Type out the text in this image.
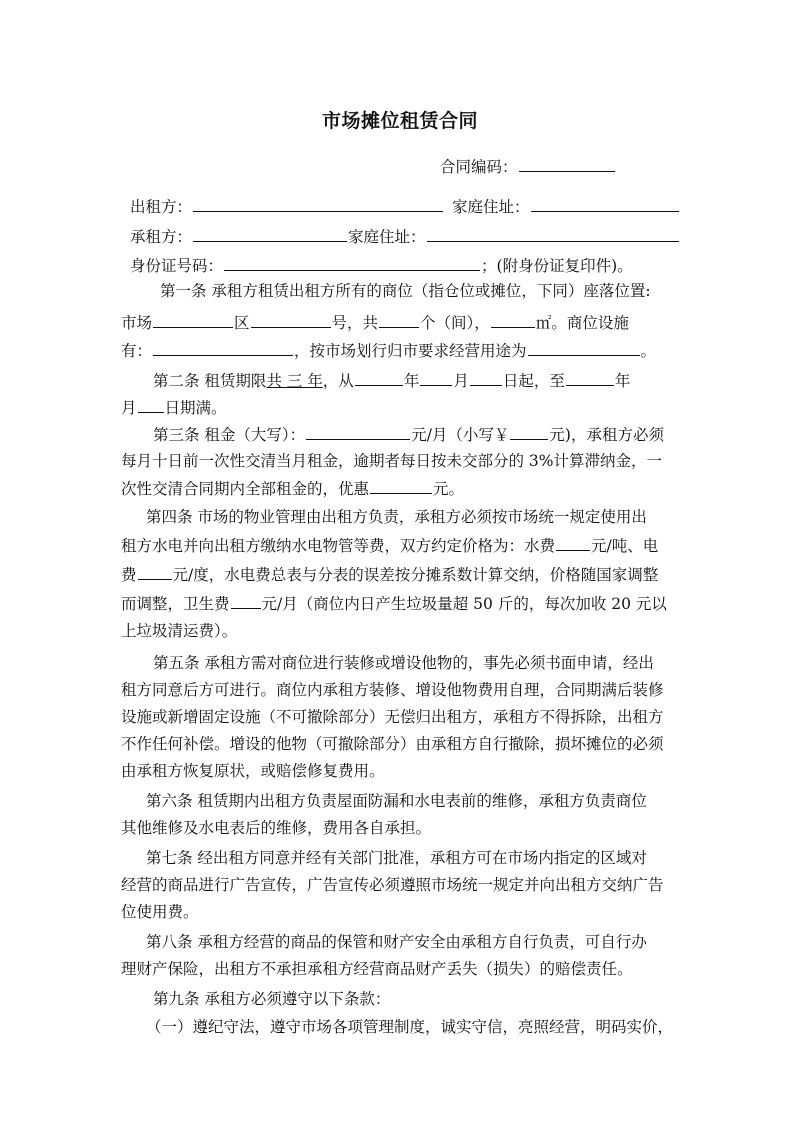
市场摊位租赁合同
合同编码：
出租方：	家庭住址：
承租方：	家庭住址：
身份证号码：	；(附身份证复印件)。
第一条 承租方租赁出租方所有的商位（指仓位或摊位，下同）座落位置:
市场	区	号，共	个（间），	㎡。商位设施
有：	，按市场划行归市要求经营用途为	。
第二条 租赁期限共 三 年，从	年 月 日起，至	年
月 日期满。
第三条 租金（大写）：	元/月（小写￥	元)，承租方必须
每月十日前一次性交清当月租金，逾期者每日按未交部分的 3%计算滞纳金，一
次性交清合同期内全部租金的，优惠	元。
第四条 市场的物业管理由出租方负责，承租方必须按市场统一规定使用出
租方水电并向出租方缴纳水电物管等费，双方约定价格为：水费 元/吨、电
费 元/度，水电费总表与分表的误差按分摊系数计算交纳，价格随国家调整
而调整，卫生费 元/月（商位内日产生垃圾量超 50 斤的，每次加收 20 元以
上垃圾清运费）。
第五条 承租方需对商位进行装修或增设他物的，事先必须书面申请，经出
租方同意后方可进行。商位内承租方装修、增设他物费用自理，合同期满后装修
设施或新增固定设施（不可撤除部分）无偿归出租方，承租方不得拆除，出租方
不作任何补偿。增设的他物（可撤除部分）由承租方自行撤除，损坏摊位的必须
由承租方恢复原状，或赔偿修复费用。
第六条 租赁期内出租方负责屋面防漏和水电表前的维修，承租方负责商位
其他维修及水电表后的维修，费用各自承担。
第七条 经出租方同意并经有关部门批准，承租方可在市场内指定的区域对
经营的商品进行广告宣传，广告宣传必须遵照市场统一规定并向出租方交纳广告
位使用费。
第八条 承租方经营的商品的保管和财产安全由承租方自行负责，可自行办
理财产保险，出租方不承担承租方经营商品财产丢失（损失）的赔偿责任。
第九条 承租方必须遵守以下条款：
（一）遵纪守法，遵守市场各项管理制度，诚实守信，亮照经营，明码实价，
